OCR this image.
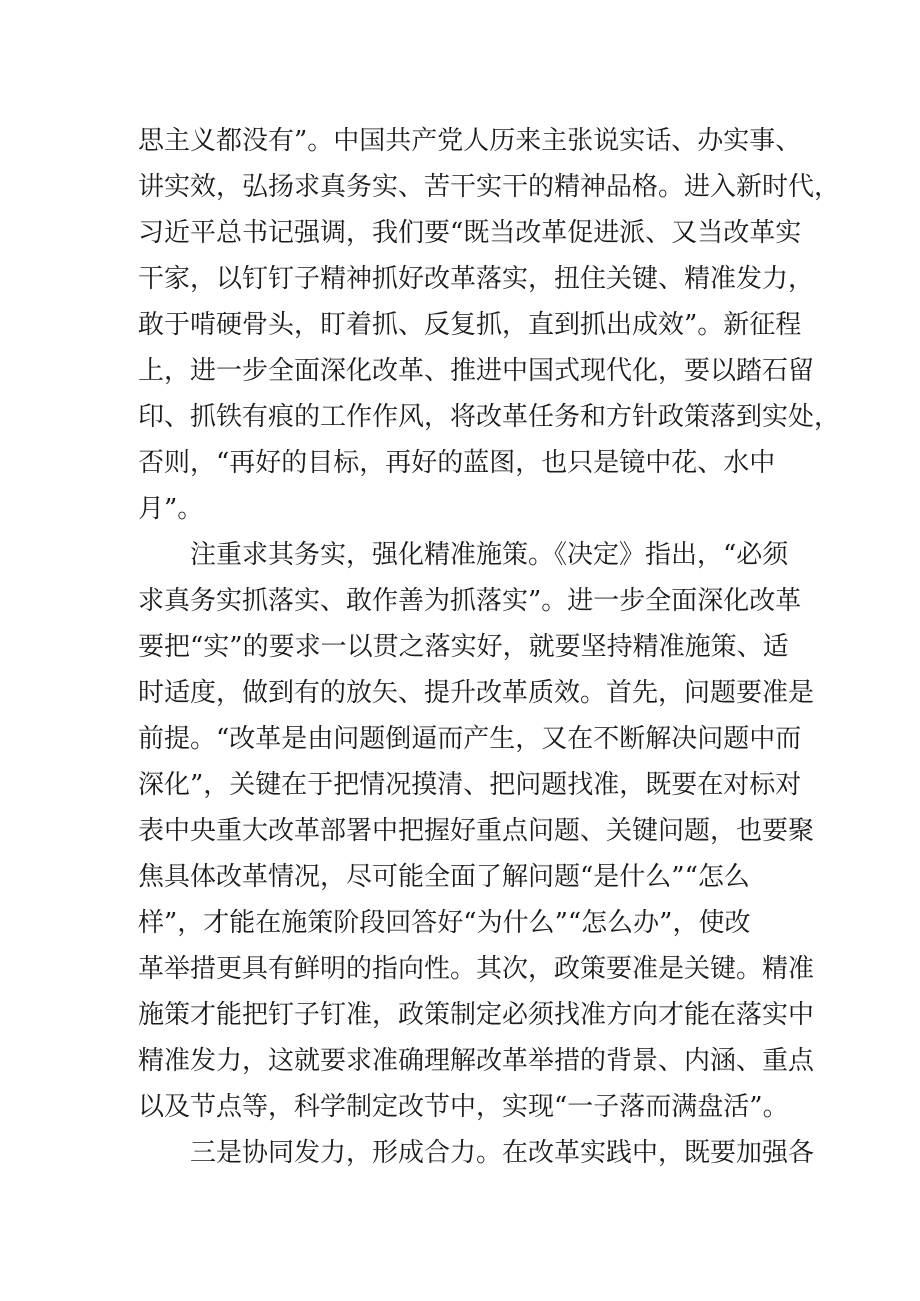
思主义都没有”。中国共产党人历来主张说实话、办实事、
讲实效，弘扬求真务实、苦干实干的精神品格。进入新时代，
习近平总书记强调，我们要“既当改革促进派、又当改革实
干家，以钉钉子精神抓好改革落实，扭住关键、精准发力，
敢于啃硬骨头，盯着抓、反复抓，直到抓出成效”。新征程
上，进一步全面深化改革、推进中国式现代化，要以踏石留
印、抓铁有痕的工作作风，将改革任务和方针政策落到实处，
否则，“再好的目标，再好的蓝图，也只是镜中花、水中
月”。
注重求其务实，强化精准施策。《决定》指出，“必须
求真务实抓落实、敢作善为抓落实”。进一步全面深化改革
要把“实”的要求一以贯之落实好，就要坚持精准施策、适
时适度，做到有的放矢、提升改革质效。首先，问题要准是
前提。“改革是由问题倒逼而产生，又在不断解决问题中而
深化”，关键在于把情况摸清、把问题找准，既要在对标对
表中央重大改革部署中把握好重点问题、关键问题，也要聚
焦具体改革情况，尽可能全面了解问题“是什么”“怎么
样”，才能在施策阶段回答好“为什么”“怎么办”，使改
革举措更具有鲜明的指向性。其次，政策要准是关键。精准
施策才能把钉子钉准，政策制定必须找准方向才能在落实中
精准发力，这就要求准确理解改革举措的背景、内涵、重点
以及节点等，科学制定改节中，实现“一子落而满盘活”。
三是协同发力，形成合力。在改革实践中，既要加强各
